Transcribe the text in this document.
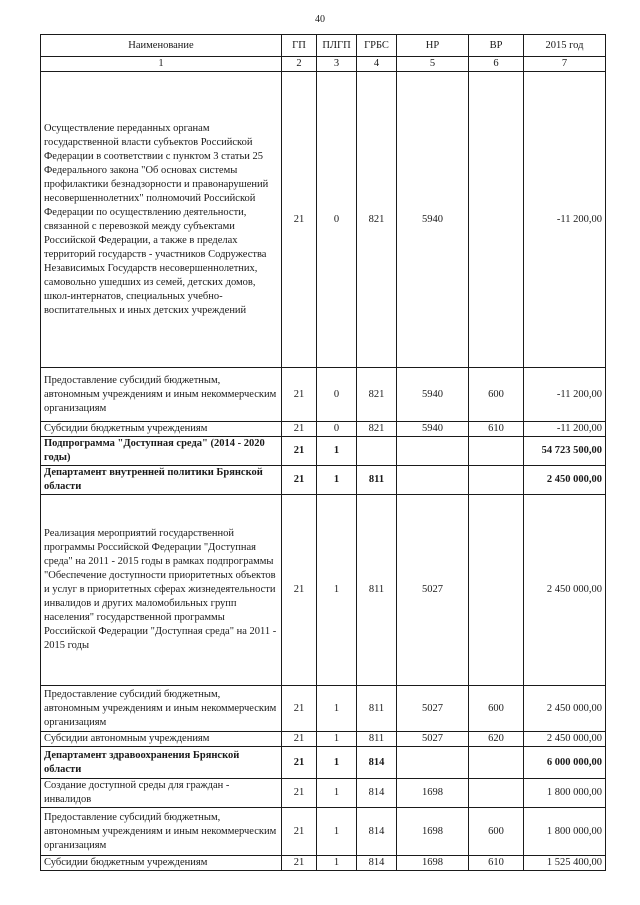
40
Наименование	ГП	ПЛГП	ГРБС	НР	ВР	2015 год
1	2	3	4	5	6	7
Осуществление переданных органам государственной власти субъектов Российской Федерации в соответствии с пунктом 3 статьи 25 Федерального закона "Об основах системы профилактики безнадзорности и правонарушений несовершеннолетних" полномочий Российской Федерации по осуществлению деятельности, связанной с перевозкой между субъектами Российской Федерации, а также в пределах территорий государств - участников Содружества Независимых Государств несовершеннолетних, самовольно ушедших из семей, детских домов, школ-интернатов, специальных учебно-воспитательных и иных детских учреждений	21	0	821	5940		-11 200,00
Предоставление субсидий бюджетным, автономным учреждениям и иным некоммерческим организациям	21	0	821	5940	600	-11 200,00
Субсидии бюджетным учреждениям	21	0	821	5940	610	-11 200,00
Подпрограмма "Доступная среда" (2014 - 2020 годы)	21	1				54 723 500,00
Департамент внутренней политики Брянской области	21	1	811			2 450 000,00
Реализация мероприятий государственной программы Российской Федерации "Доступная среда" на 2011 - 2015 годы в рамках подпрограммы "Обеспечение доступности приоритетных объектов и услуг в приоритетных сферах жизнедеятельности инвалидов и других маломобильных групп населения" государственной программы Российской Федерации "Доступная среда" на 2011 - 2015 годы	21	1	811	5027		2 450 000,00
Предоставление субсидий бюджетным, автономным учреждениям и иным некоммерческим организациям	21	1	811	5027	600	2 450 000,00
Субсидии автономным учреждениям	21	1	811	5027	620	2 450 000,00
Департамент здравоохранения Брянской области	21	1	814			6 000 000,00
Создание доступной среды для граждан - инвалидов	21	1	814	1698		1 800 000,00
Предоставление субсидий бюджетным, автономным учреждениям и иным некоммерческим организациям	21	1	814	1698	600	1 800 000,00
Субсидии бюджетным учреждениям	21	1	814	1698	610	1 525 400,00
